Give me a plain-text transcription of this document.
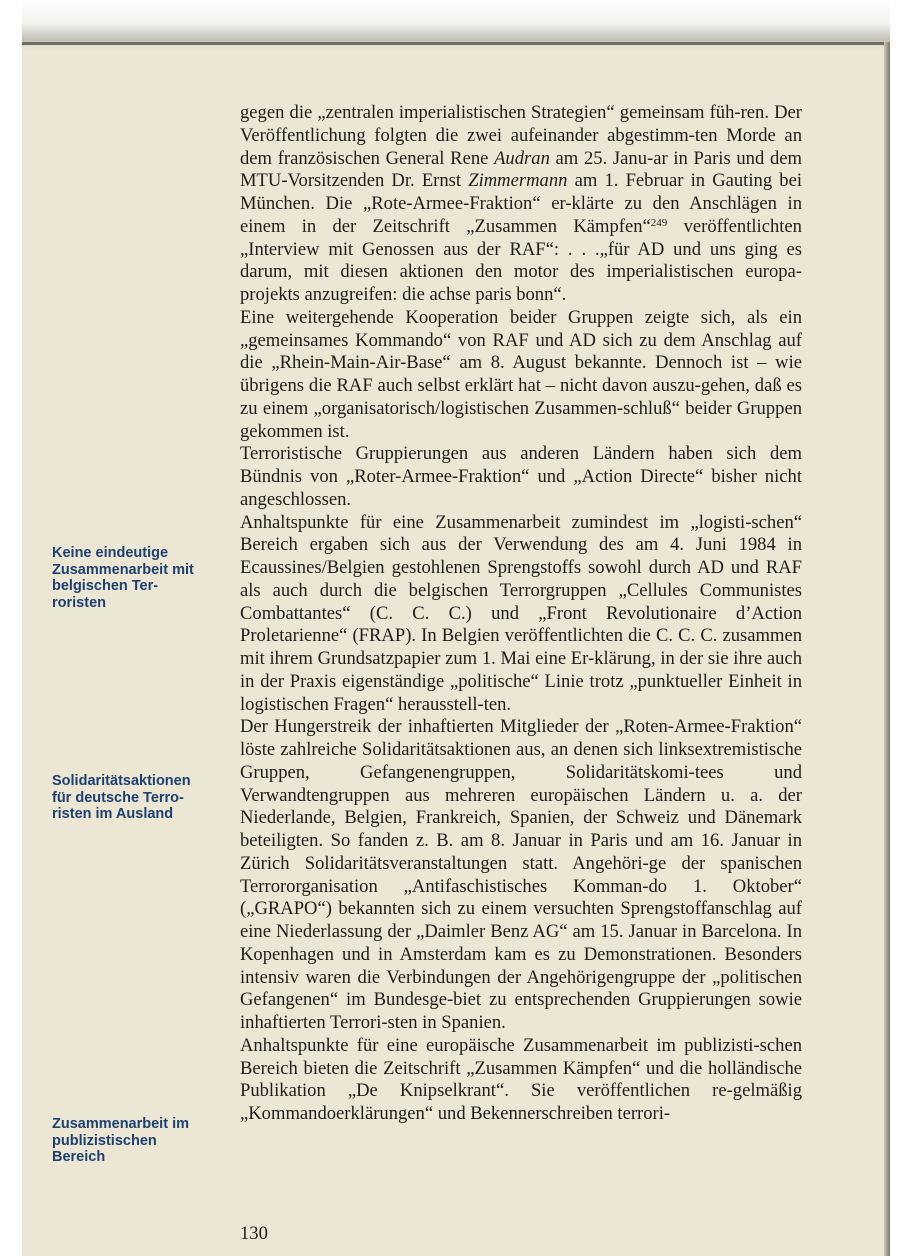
Keine eindeutige Zusammenarbeit mit belgischen Ter-roristen
Solidaritätsaktionen für deutsche Terro-risten im Ausland
Zusammenarbeit im publizistischen Bereich

gegen die „zentralen imperialistischen Strategien“ gemeinsam füh-ren. Der Veröffentlichung folgten die zwei aufeinander abgestimm-ten Morde an dem französischen General Rene Audran am 25. Janu-ar in Paris und dem MTU-Vorsitzenden Dr. Ernst Zimmermann am 1. Februar in Gauting bei München. Die „Rote-Armee-Fraktion“ er-klärte zu den Anschlägen in einem in der Zeitschrift „Zusammen Kämpfen“$^{249}$ veröffentlichten „Interview mit Genossen aus der RAF“: . . .„für AD und uns ging es darum, mit diesen aktionen den motor des imperialistischen europa-projekts anzugreifen: die achse paris bonn“.

Eine weitergehende Kooperation beider Gruppen zeigte sich, als ein „gemeinsames Kommando“ von RAF und AD sich zu dem Anschlag auf die „Rhein-Main-Air-Base“ am 8. August bekannte. Dennoch ist – wie übrigens die RAF auch selbst erklärt hat – nicht davon auszu-gehen, daß es zu einem „organisatorisch/logistischen Zusammen-schluß“ beider Gruppen gekommen ist.

Terroristische Gruppierungen aus anderen Ländern haben sich dem Bündnis von „Roter-Armee-Fraktion“ und „Action Directe“ bisher nicht angeschlossen.

Anhaltspunkte für eine Zusammenarbeit zumindest im „logisti-schen“ Bereich ergaben sich aus der Verwendung des am 4. Juni 1984 in Ecaussines/Belgien gestohlenen Sprengstoffs sowohl durch AD und RAF als auch durch die belgischen Terrorgruppen „Cellules Communistes Combattantes“ (C. C. C.) und „Front Revolutionaire d’Action Proletarienne“ (FRAP). In Belgien veröffentlichten die C. C. C. zusammen mit ihrem Grundsatzpapier zum 1. Mai eine Er-klärung, in der sie ihre auch in der Praxis eigenständige „politische“ Linie trotz „punktueller Einheit in logistischen Fragen“ herausstell-ten.

Der Hungerstreik der inhaftierten Mitglieder der „Roten-Armee-Fraktion“ löste zahlreiche Solidaritätsaktionen aus, an denen sich linksextremistische Gruppen, Gefangenengruppen, Solidaritätskomi-tees und Verwandtengruppen aus mehreren europäischen Ländern u. a. der Niederlande, Belgien, Frankreich, Spanien, der Schweiz und Dänemark beteiligten. So fanden z. B. am 8. Januar in Paris und am 16. Januar in Zürich Solidaritätsveranstaltungen statt. Angehöri-ge der spanischen Terrororganisation „Antifaschistisches Komman-do 1. Oktober“ („GRAPO“) bekannten sich zu einem versuchten Sprengstoffanschlag auf eine Niederlassung der „Daimler Benz AG“ am 15. Januar in Barcelona. In Kopenhagen und in Amsterdam kam es zu Demonstrationen. Besonders intensiv waren die Verbindungen der Angehörigengruppe der „politischen Gefangenen“ im Bundesge-biet zu entsprechenden Gruppierungen sowie inhaftierten Terrori-sten in Spanien.

Anhaltspunkte für eine europäische Zusammenarbeit im publizisti-schen Bereich bieten die Zeitschrift „Zusammen Kämpfen“ und die holländische Publikation „De Knipselkrant“. Sie veröffentlichen re-gelmäßig „Kommandoerklärungen“ und Bekennerschreiben terrori-

130
